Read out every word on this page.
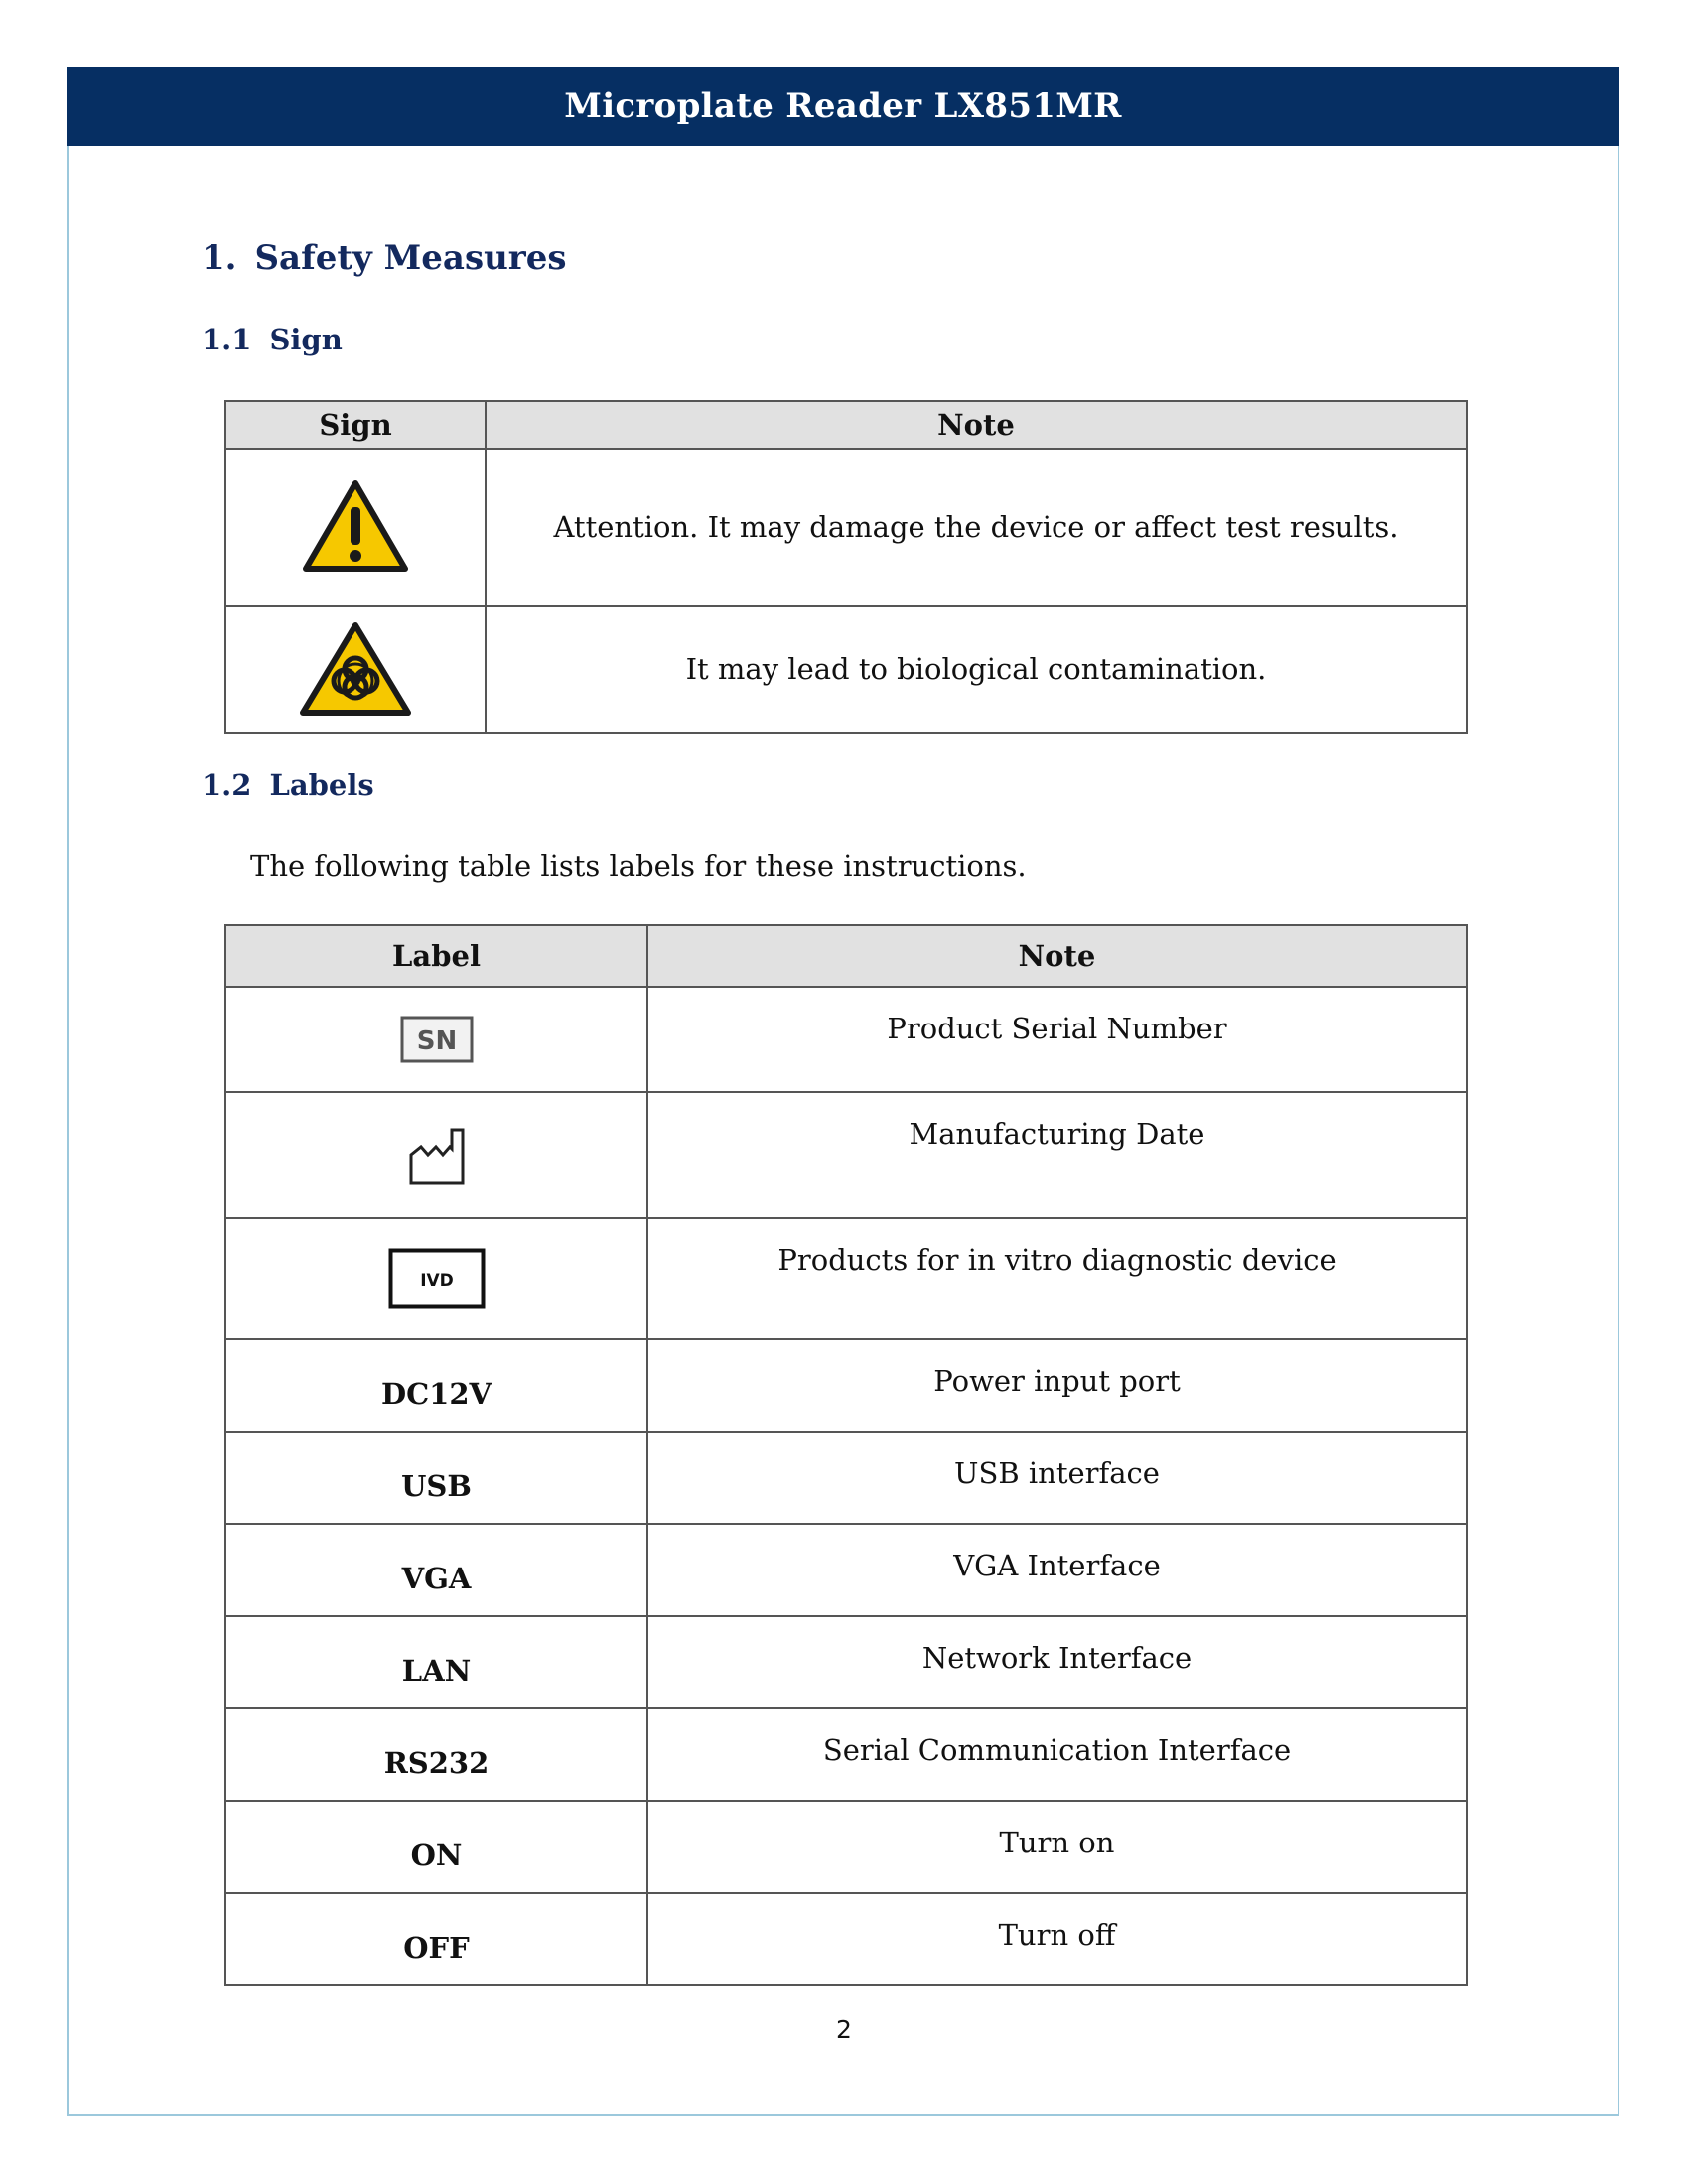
Microplate Reader LX851MR
1. Safety Measures
1.1 Sign
Sign	Note
	Attention. It may damage the device or affect test results.
	It may lead to biological contamination.
1.2 Labels
The following table lists labels for these instructions.
Label	Note

SN	Product Serial Number
	Manufacturing Date

IVD	Products for in vitro diagnostic device
DC12V	Power input port
USB	USB interface
VGA	VGA Interface
LAN	Network Interface
RS232	Serial Communication Interface
ON	Turn on
OFF	Turn off
2
